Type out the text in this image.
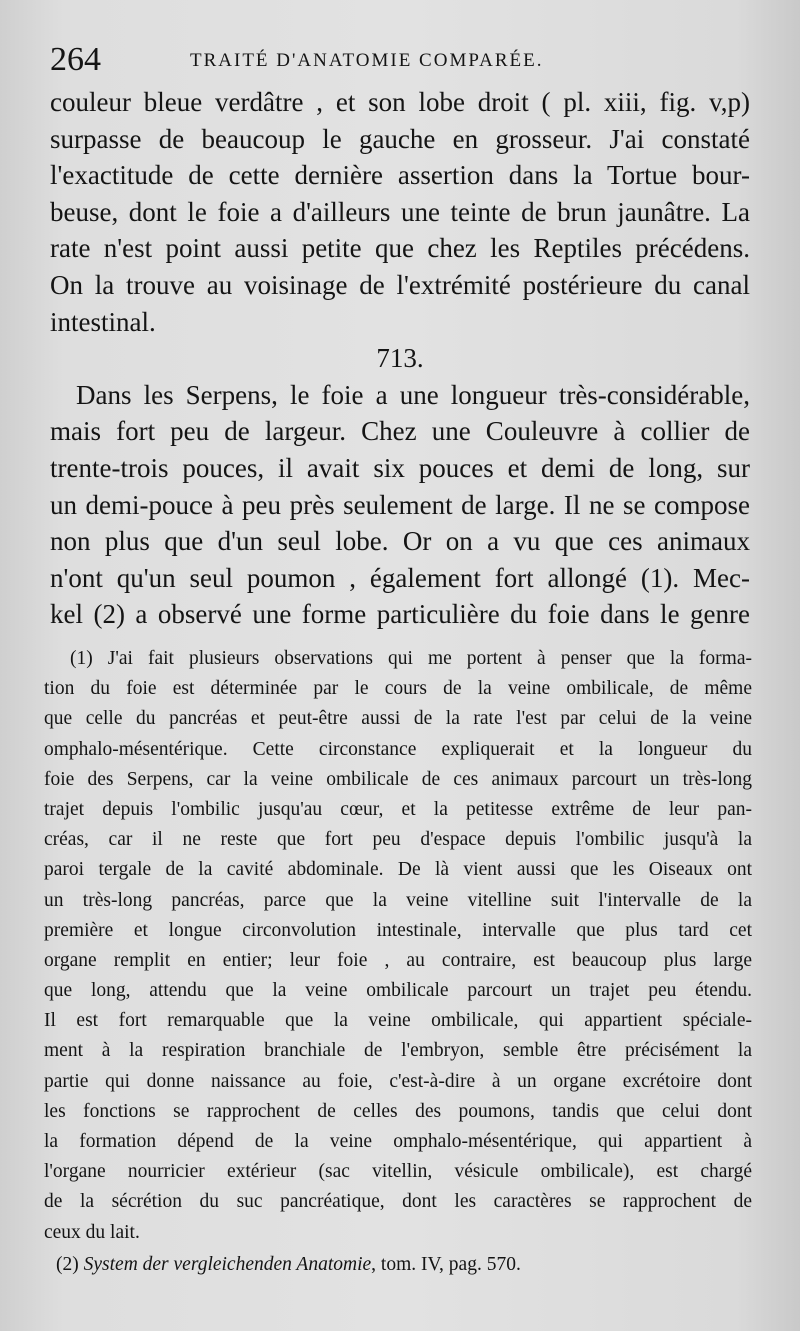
264	TRAITÉ D'ANATOMIE COMPARÉE.
couleur bleue verdâtre , et son lobe droit ( pl. xiii, fig. v,p)
surpasse de beaucoup le gauche en grosseur. J'ai constaté
l'exactitude de cette dernière assertion dans la Tortue bour-
beuse, dont le foie a d'ailleurs une teinte de brun jaunâtre. La
rate n'est point aussi petite que chez les Reptiles précédens.
On la trouve au voisinage de l'extrémité postérieure du canal
intestinal.
713.
Dans les Serpens, le foie a une longueur très-considérable,
mais fort peu de largeur. Chez une Couleuvre à collier de
trente-trois pouces, il avait six pouces et demi de long, sur
un demi-pouce à peu près seulement de large. Il ne se compose
non plus que d'un seul lobe. Or on a vu que ces animaux
n'ont qu'un seul poumon , également fort allongé (1). Mec-
kel (2) a observé une forme particulière du foie dans le genre
(1) J'ai fait plusieurs observations qui me portent à penser que la forma-
tion du foie est déterminée par le cours de la veine ombilicale, de même
que celle du pancréas et peut-être aussi de la rate l'est par celui de la veine
omphalo-mésentérique. Cette circonstance expliquerait et la longueur du
foie des Serpens, car la veine ombilicale de ces animaux parcourt un très-long
trajet depuis l'ombilic jusqu'au cœur, et la petitesse extrême de leur pan-
créas, car il ne reste que fort peu d'espace depuis l'ombilic jusqu'à la
paroi tergale de la cavité abdominale. De là vient aussi que les Oiseaux ont
un très-long pancréas, parce que la veine vitelline suit l'intervalle de la
première et longue circonvolution intestinale, intervalle que plus tard cet
organe remplit en entier; leur foie , au contraire, est beaucoup plus large
que long, attendu que la veine ombilicale parcourt un trajet peu étendu.
Il est fort remarquable que la veine ombilicale, qui appartient spéciale-
ment à la respiration branchiale de l'embryon, semble être précisément la
partie qui donne naissance au foie, c'est-à-dire à un organe excrétoire dont
les fonctions se rapprochent de celles des poumons, tandis que celui dont
la formation dépend de la veine omphalo-mésentérique, qui appartient à
l'organe nourricier extérieur (sac vitellin, vésicule ombilicale), est chargé
de la sécrétion du suc pancréatique, dont les caractères se rapprochent de
ceux du lait.
(2) System der vergleichenden Anatomie, tom. IV, pag. 570.
